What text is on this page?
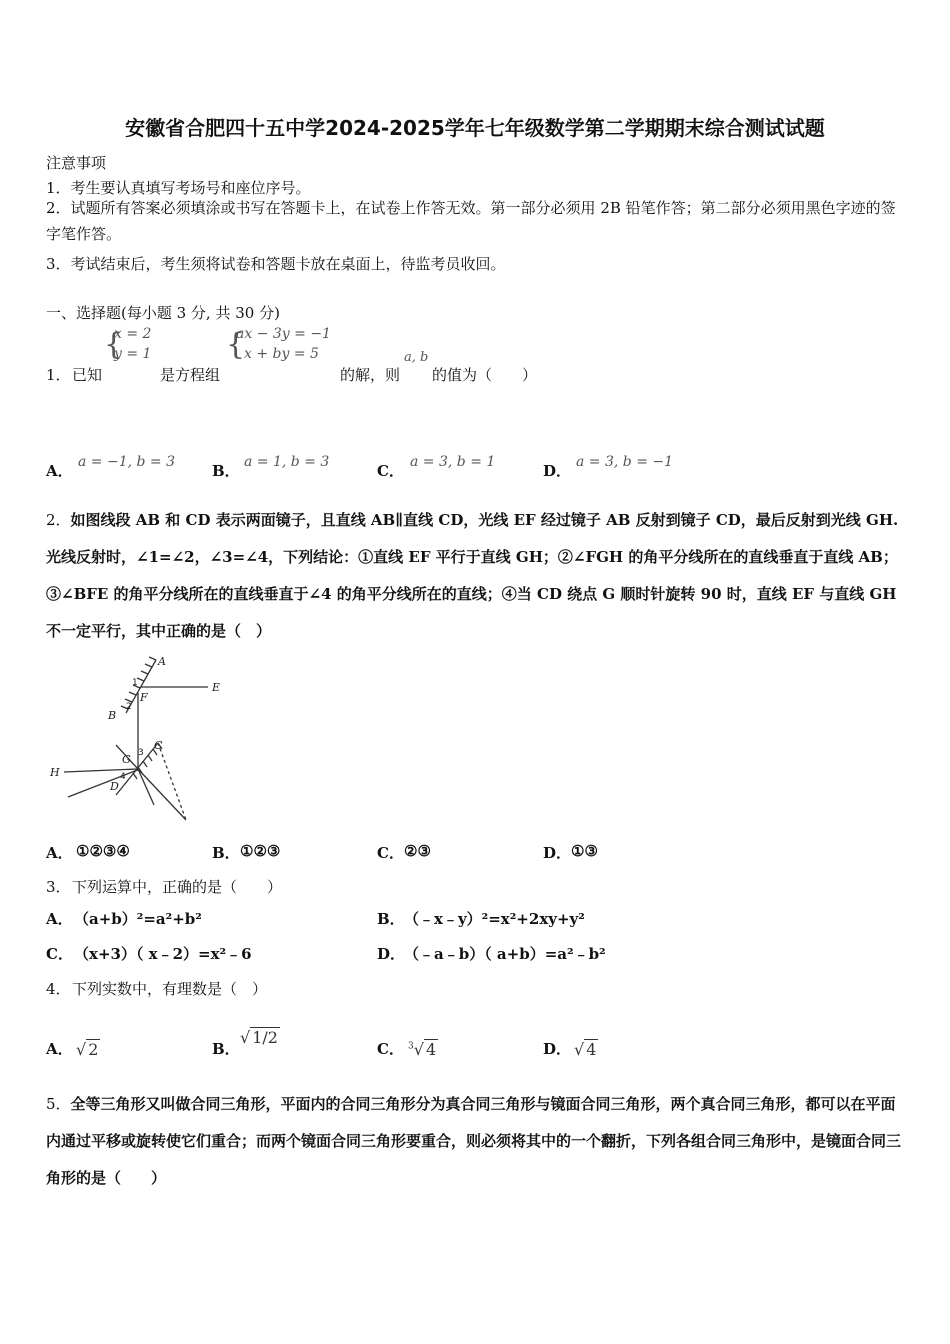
安徽省合肥四十五中学2024-2025学年七年级数学第二学期期末综合测试试题
注意事项
1．考生要认真填写考场号和座位序号。
2．试题所有答案必须填涂或书写在答题卡上，在试卷上作答无效。第一部分必须用 2B 铅笔作答；第二部分必须用黑色字迹的签字笔作答。
3．考试结束后，考生须将试卷和答题卡放在桌面上，待监考员收回。
一、选择题(每小题 3 分, 共 30 分)
1． 已知
{
x = 2
y = 1
是方程组
{
ax − 3y = −1
x + by = 5
的解，则
a, b
的值为（　　）
A． a = −1, b = 3 B． a = 1, b = 3	C． a = 3, b = 1	D． a = 3, b = −1
2．如图线段 AB 和 CD 表示两面镜子，且直线 AB∥直线 CD，光线 EF 经过镜子 AB 反射到镜子 CD，最后反射到光线 GH.光线反射时，∠1=∠2，∠3=∠4，下列结论：①直线 EF 平行于直线 GH；②∠FGH 的角平分线所在的直线垂直于直线 AB；③∠BFE 的角平分线所在的直线垂直于∠4 的角平分线所在的直线；④当 CD 绕点 G 顺时针旋转 90 时，直线 EF 与直线 GH 不一定平行，其中正确的是（　）
A
B
C
D
E
F
G
H
1
2
3
4
A． ①②③④	B． ①②③	C． ②③	D． ①③
3． 下列运算中，正确的是（　　）
A． （a+b）²=a²+b²	B． （﹣x﹣y）²=x²+2xy+y²
C． （x+3）（ x﹣2）=x²﹣6	D．
（﹣a﹣b）（ a+b）=a²﹣b²
4． 下列实数中，有理数是（　）
A． √ 2	B．
√ 1/2
C． $^3$√ 4	D． √ 4
5．全等三角形又叫做合同三角形，平面内的合同三角形分为真合同三角形与镜面合同三角形，两个真合同三角形，都可以在平面内通过平移或旋转使它们重合；而两个镜面合同三角形要重合，则必须将其中的一个翻折，下列各组合同三角形中，是镜面合同三角形的是（　　）
